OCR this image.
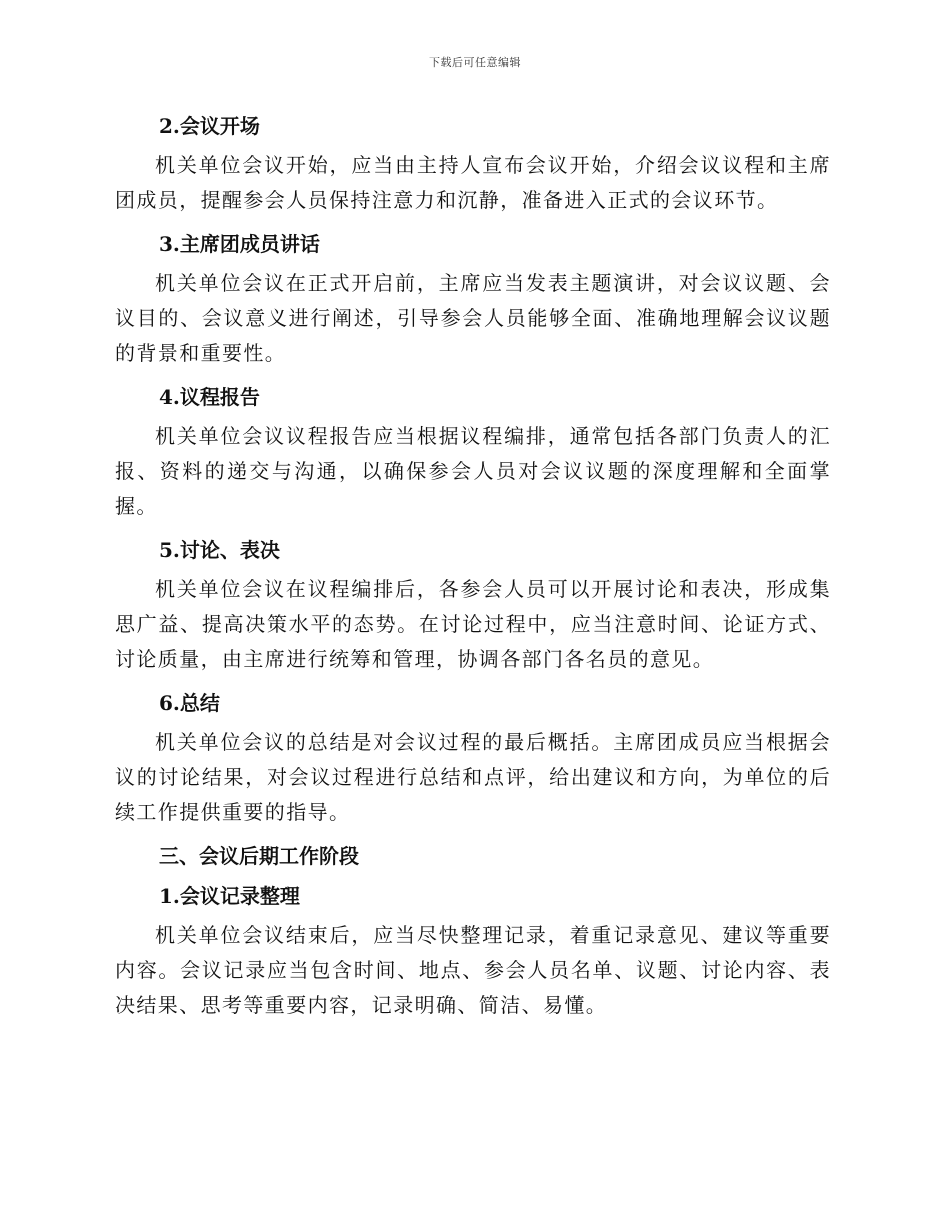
下载后可任意编辑
2.会议开场

机关单位会议开始，应当由主持人宣布会议开始，介绍会议议程和主席团成员，提醒参会人员保持注意力和沉静，准备进入正式的会议环节。

3.主席团成员讲话

机关单位会议在正式开启前，主席应当发表主题演讲，对会议议题、会议目的、会议意义进行阐述，引导参会人员能够全面、准确地理解会议议题的背景和重要性。

4.议程报告

机关单位会议议程报告应当根据议程编排，通常包括各部门负责人的汇报、资料的递交与沟通，以确保参会人员对会议议题的深度理解和全面掌握。

5.讨论、表决

机关单位会议在议程编排后，各参会人员可以开展讨论和表决，形成集思广益、提高决策水平的态势。在讨论过程中，应当注意时间、论证方式、讨论质量，由主席进行统筹和管理，协调各部门各名员的意见。

6.总结

机关单位会议的总结是对会议过程的最后概括。主席团成员应当根据会议的讨论结果，对会议过程进行总结和点评，给出建议和方向，为单位的后续工作提供重要的指导。

三、会议后期工作阶段
1.会议记录整理

机关单位会议结束后，应当尽快整理记录，着重记录意见、建议等重要内容。会议记录应当包含时间、地点、参会人员名单、议题、讨论内容、表决结果、思考等重要内容，记录明确、简洁、易懂。
